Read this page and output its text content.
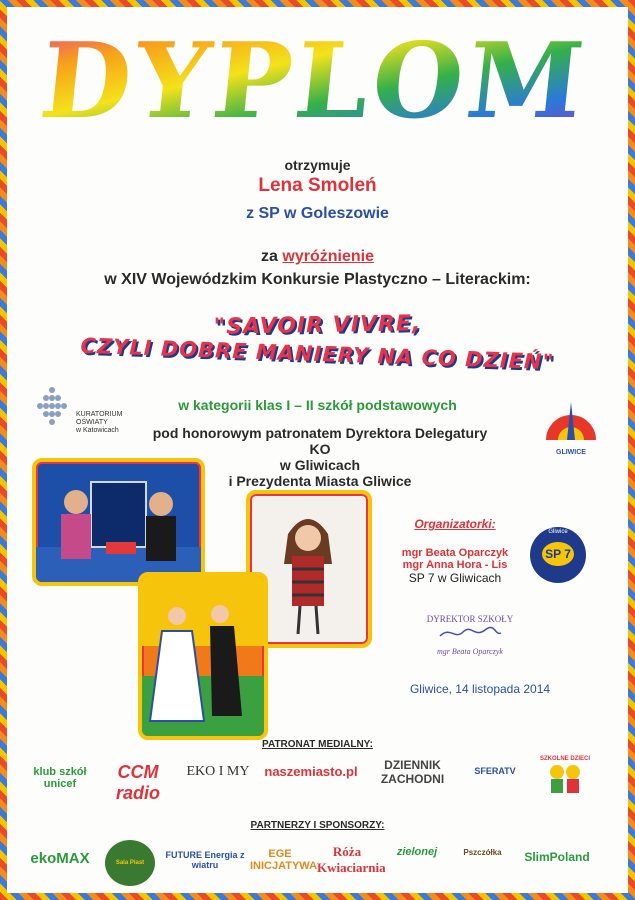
DYPLOM
otrzymuje
Lena Smoleń
z SP w Goleszowie
za wyróżnienie
w XIV Wojewódzkim Konkursie Plastyczno – Literackim:
"SAVOIR VIVRE,
CZYLI DOBRE MANIERY NA CO DZIEŃ"
KURATORIUM
OŚWIATY
w Katowicach
w kategorii klas I – II szkół podstawowych
GLIWICE
pod honorowym patronatem Dyrektora Delegatury KO
w Gliwicach
i Prezydenta Miasta Gliwice
Organizatorki:
mgr Beata Oparczyk
mgr Anna Hora - Lis
SP 7 w Gliwicach
Gliwice
SP 7
DYREKTOR SZKOŁY
mgr Beata Oparczyk
Gliwice, 14 listopada 2014
PATRONAT MEDIALNY:
klub szkół unicef
CCM radio
EKO I MY naszemiasto.pl	DZIENNIK ZACHODNI
SFERATV
SZKOLNE DZIECI
PARTNERZY I SPONSORZY:
ekoMAX	Sala Piast
FUTURE Energia z wiatru
EGE INICJATYWA
Róża Kwiaciarnia
zielonej	Pszczółka	SlimPoland
